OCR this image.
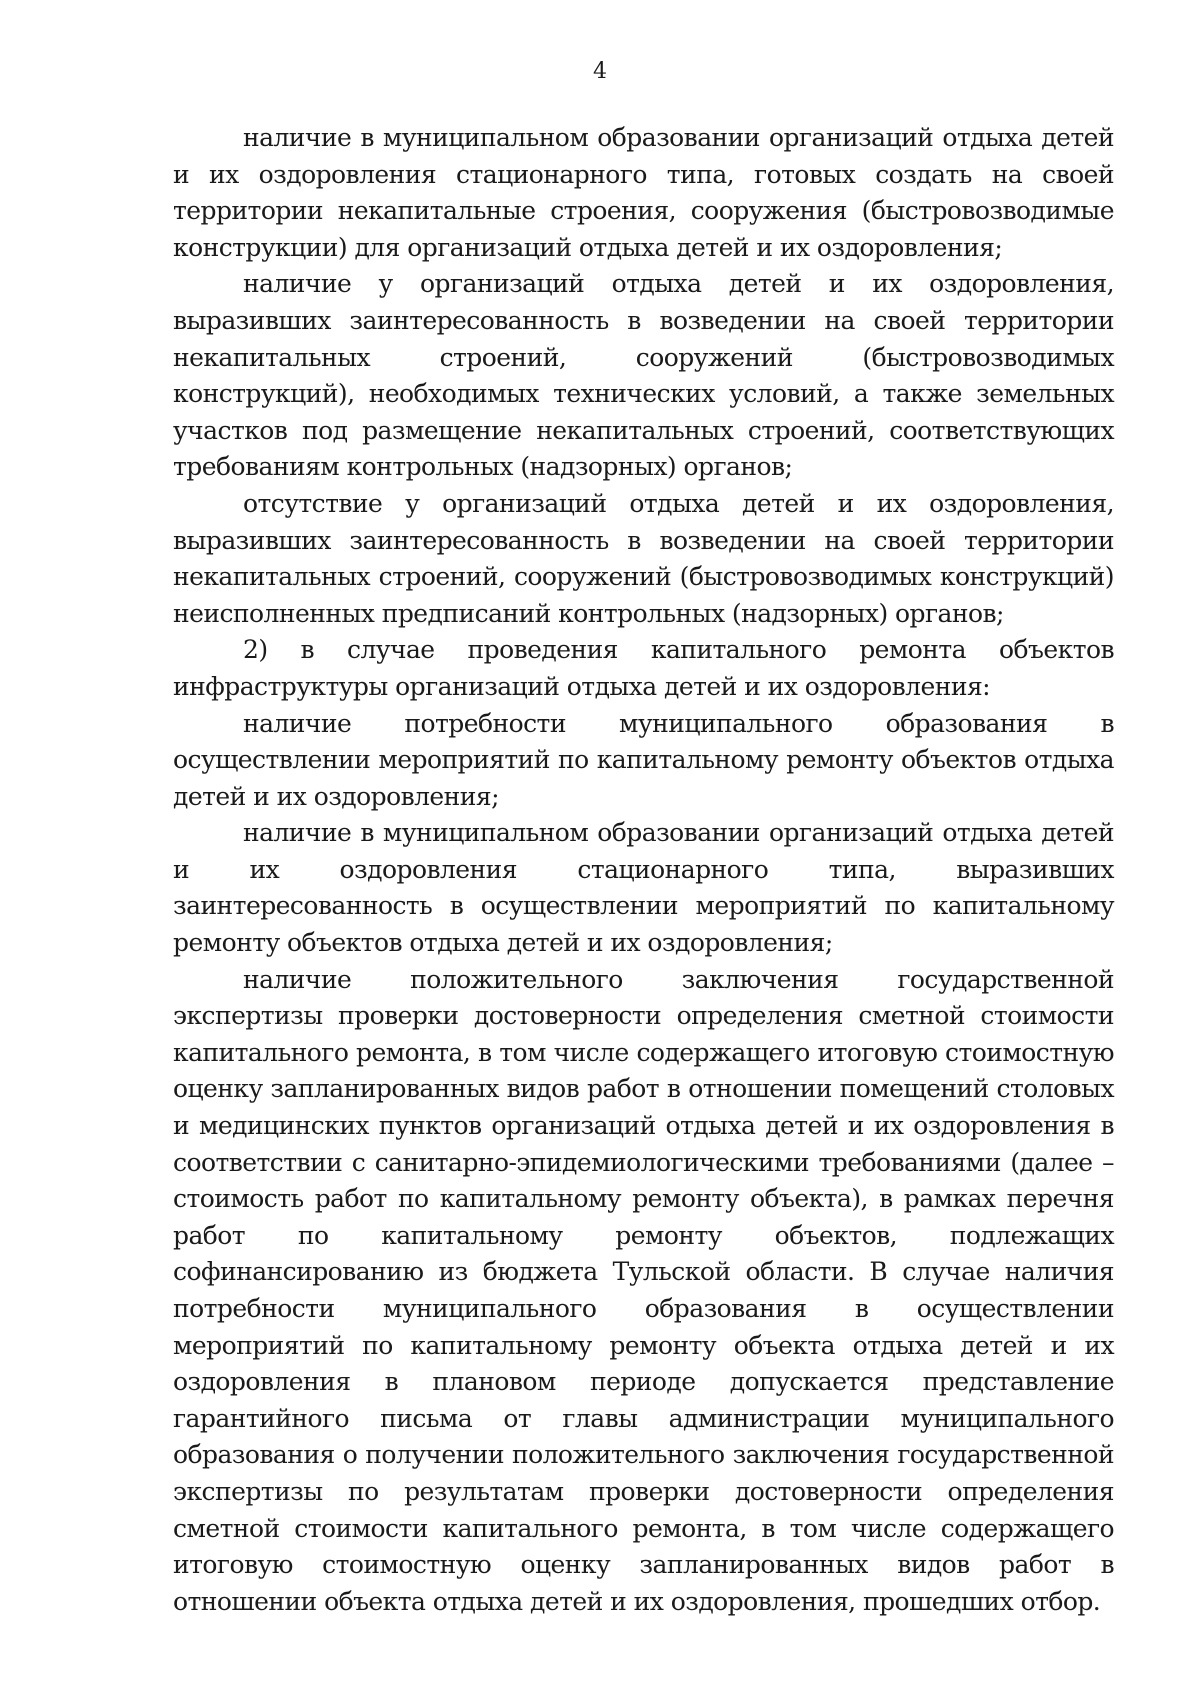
4

наличие в муниципальном образовании организаций отдыха детей и их оздоровления стационарного типа, готовых создать на своей территории некапитальные строения, сооружения (быстровозводимые конструкции) для организаций отдыха детей и их оздоровления;

наличие у организаций отдыха детей и их оздоровления, выразивших заинтересованность в возведении на своей территории некапитальных строений, сооружений (быстровозводимых конструкций), необходимых технических условий, а также земельных участков под размещение некапитальных строений, соответствующих требованиям контрольных (надзорных) органов;

отсутствие у организаций отдыха детей и их оздоровления, выразивших заинтересованность в возведении на своей территории некапитальных строений, сооружений (быстровозводимых конструкций) неисполненных предписаний контрольных (надзорных) органов;

2) в случае проведения капитального ремонта объектов инфраструктуры организаций отдыха детей и их оздоровления:

наличие потребности муниципального образования в осуществлении мероприятий по капитальному ремонту объектов отдыха детей и их оздоровления;

наличие в муниципальном образовании организаций отдыха детей и их оздоровления стационарного типа, выразивших заинтересованность в осуществлении мероприятий по капитальному ремонту объектов отдыха детей и их оздоровления;

наличие положительного заключения государственной экспертизы проверки достоверности определения сметной стоимости капитального ремонта, в том числе содержащего итоговую стоимостную оценку запланированных видов работ в отношении помещений столовых и медицинских пунктов организаций отдыха детей и их оздоровления в соответствии с санитарно-эпидемиологическими требованиями (далее – стоимость работ по капитальному ремонту объекта), в рамках перечня работ по капитальному ремонту объектов, подлежащих софинансированию из бюджета Тульской области. В случае наличия потребности муниципального образования в осуществлении мероприятий по капитальному ремонту объекта отдыха детей и их оздоровления в плановом периоде допускается представление гарантийного письма от главы администрации муниципального образования о получении положительного заключения государственной экспертизы по результатам проверки достоверности определения сметной стоимости капитального ремонта, в том числе содержащего итоговую стоимостную оценку запланированных видов работ в отношении объекта отдыха детей и их оздоровления, прошедших отбор.
